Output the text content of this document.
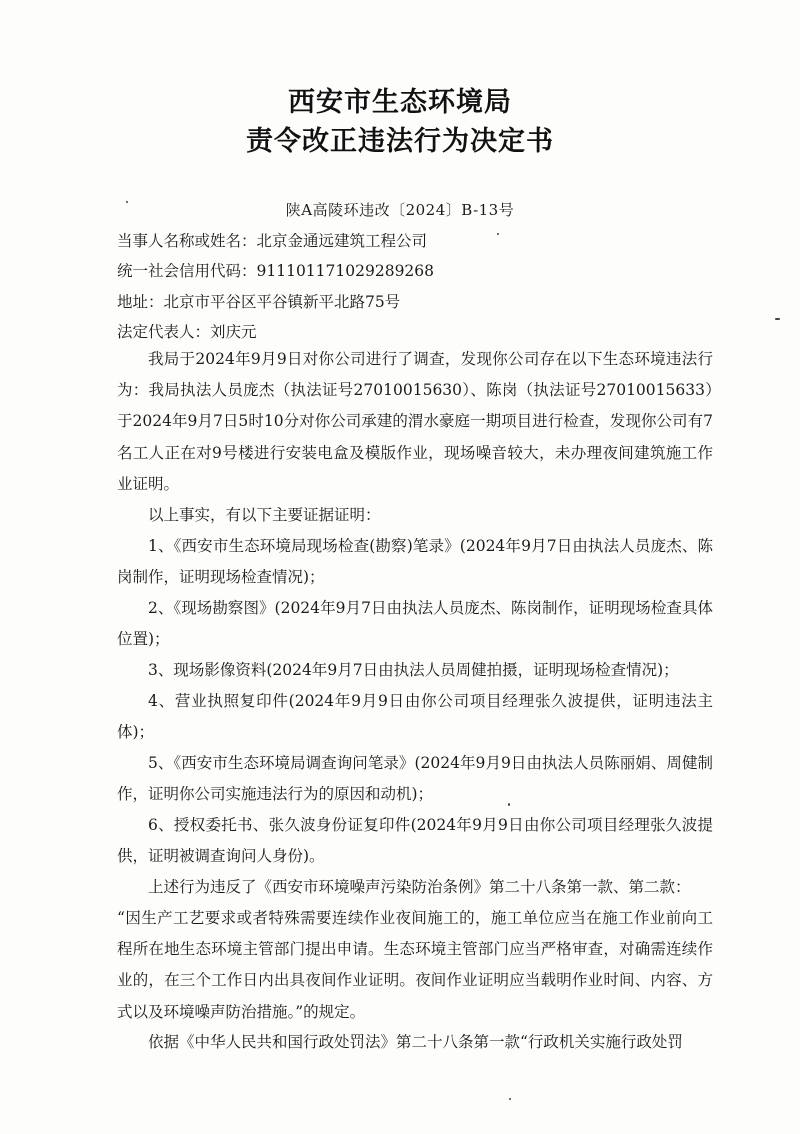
西安市生态环境局
责令改正违法行为决定书
陕A高陵环违改〔2024〕B-13号
当事人名称或姓名：北京金通远建筑工程公司
统一社会信用代码：911101171029289268
地址：北京市平谷区平谷镇新平北路75号
法定代表人：刘庆元
我局于2024年9月9日对你公司进行了调查，发现你公司存在以下生态环境违法行为：我局执法人员庞杰（执法证号27010015630）、陈岗（执法证号27010015633）于2024年9月7日5时10分对你公司承建的渭水豪庭一期项目进行检查，发现你公司有7名工人正在对9号楼进行安装电盒及模版作业，现场噪音较大，未办理夜间建筑施工作业证明。
以上事实，有以下主要证据证明：
1、《西安市生态环境局现场检查(勘察)笔录》(2024年9月7日由执法人员庞杰、陈岗制作，证明现场检查情况)；
2、《现场勘察图》(2024年9月7日由执法人员庞杰、陈岗制作，证明现场检查具体位置)；
3、现场影像资料(2024年9月7日由执法人员周健拍摄，证明现场检查情况)；
4、营业执照复印件(2024年9月9日由你公司项目经理张久波提供，证明违法主体)；
5、《西安市生态环境局调查询问笔录》(2024年9月9日由执法人员陈丽娟、周健制作，证明你公司实施违法行为的原因和动机)；
6、授权委托书、张久波身份证复印件(2024年9月9日由你公司项目经理张久波提供，证明被调查询问人身份)。
上述行为违反了《西安市环境噪声污染防治条例》第二十八条第一款、第二款：
“因生产工艺要求或者特殊需要连续作业夜间施工的，施工单位应当在施工作业前向工程所在地生态环境主管部门提出申请。生态环境主管部门应当严格审查，对确需连续作业的，在三个工作日内出具夜间作业证明。夜间作业证明应当载明作业时间、内容、方式以及环境噪声防治措施。”的规定。
依据《中华人民共和国行政处罚法》第二十八条第一款“行政机关实施行政处罚
